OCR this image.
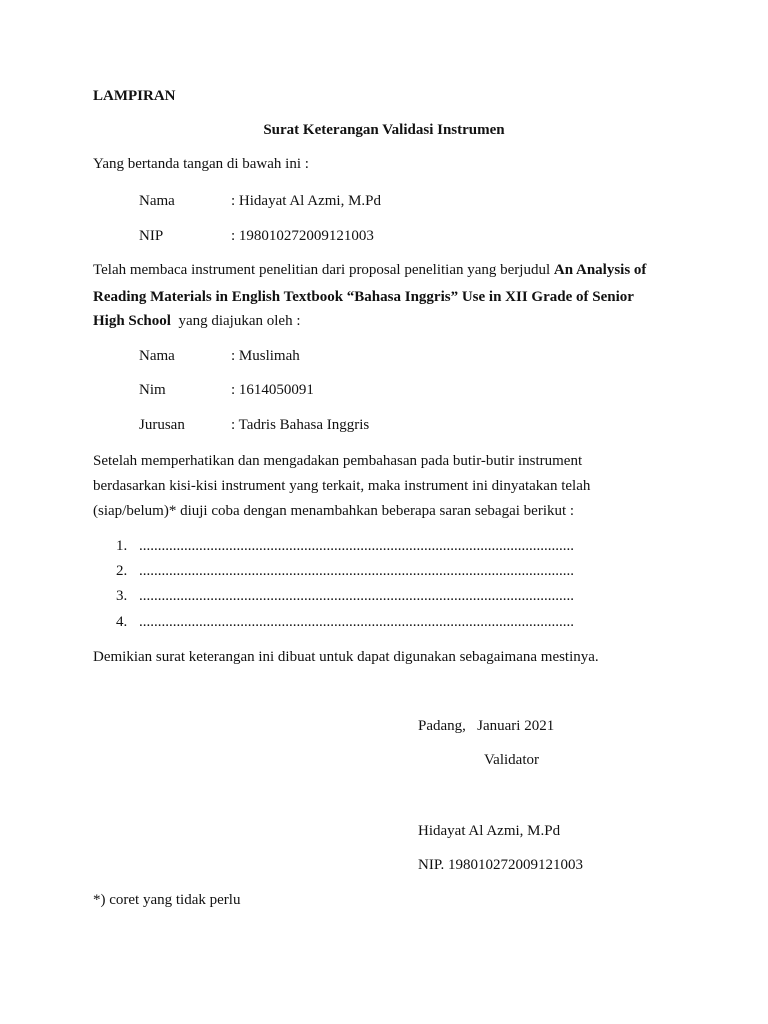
LAMPIRAN
Surat Keterangan Validasi Instrumen
Yang bertanda tangan di bawah ini :
Nama	: Hidayat Al Azmi, M.Pd
NIP	: 198010272009121003
Telah membaca instrument penelitian dari proposal penelitian yang berjudul An Analysis of
Reading Materials in English Textbook “Bahasa Inggris” Use in XII Grade of Senior
High School  yang diajukan oleh :
Nama	: Muslimah
Nim	: 1614050091
Jurusan	: Tadris Bahasa Inggris
Setelah memperhatikan dan mengadakan pembahasan pada butir-butir instrument
berdasarkan kisi-kisi instrument yang terkait, maka instrument ini dinyatakan telah
(siap/belum)* diuji coba dengan menambahkan beberapa saran sebagai berikut :
1. ....................................................................................................................
2. ....................................................................................................................
3. ....................................................................................................................
4. ....................................................................................................................
Demikian surat keterangan ini dibuat untuk dapat digunakan sebagaimana mestinya.
Padang,   Januari 2021
Validator
Hidayat Al Azmi, M.Pd
NIP. 198010272009121003
*) coret yang tidak perlu
